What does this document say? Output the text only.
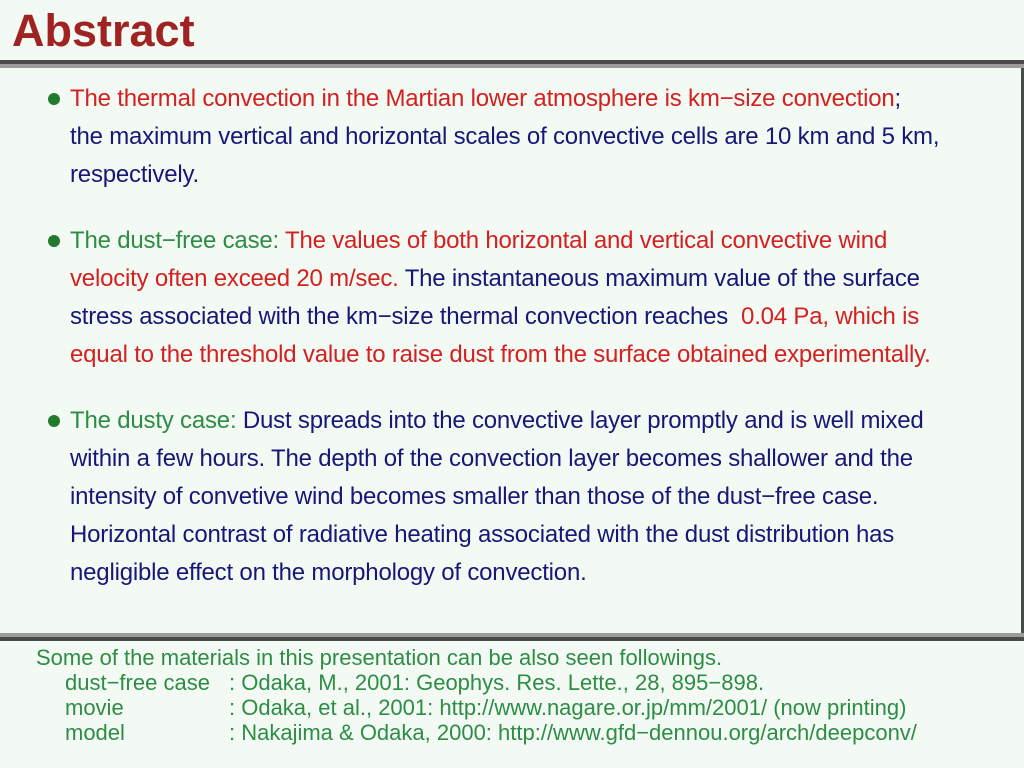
Abstract
The thermal convection in the Martian lower atmosphere is km−size convection;
the maximum vertical and horizontal scales of convective cells are 10 km and 5 km,
respectively.
The dust−free case: The values of both horizontal and vertical convective wind
velocity often exceed 20 m/sec. The instantaneous maximum value of the surface
stress associated with the km−size thermal convection reaches  0.04 Pa, which is
equal to the threshold value to raise dust from the surface obtained experimentally.
The dusty case: Dust spreads into the convective layer promptly and is well mixed
within a few hours. The depth of the convection layer becomes shallower and the
intensity of convetive wind becomes smaller than those of the dust−free case.
Horizontal contrast of radiative heating associated with the dust distribution has
negligible effect on the morphology of convection.
Some of the materials in this presentation can be also seen followings.
dust−free case : Odaka, M., 2001: Geophys. Res. Lette., 28, 895−898.
movie	: Odaka, et al., 2001: http://www.nagare.or.jp/mm/2001/ (now printing)
model	: Nakajima & Odaka, 2000: http://www.gfd−dennou.org/arch/deepconv/
